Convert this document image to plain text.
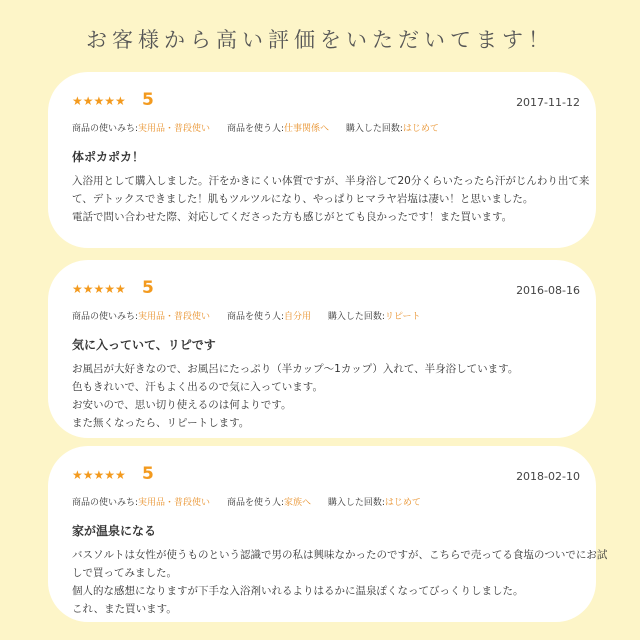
お客様から高い評価をいただいてます！
★★★★★ 5	2017-11-12
商品の使いみち:実用品・普段使い 商品を使う人:仕事関係へ 購入した回数:はじめて
体ポカポカ！
入浴用として購入しました。汗をかきにくい体質ですが、半身浴して20分くらいたったら汗がじんわり出て来
て、デトックスできました！肌もツルツルになり、やっぱりヒマラヤ岩塩は凄い！と思いました。
電話で問い合わせた際、対応してくださった方も感じがとても良かったです！また買います。
★★★★★ 5	2016-08-16
商品の使いみち:実用品・普段使い 商品を使う人:自分用 購入した回数:リピート
気に入っていて、リピです
お風呂が大好きなので、お風呂にたっぷり（半カップ～1カップ）入れて、半身浴しています。
色もきれいで、汗もよく出るので気に入っています。
お安いので、思い切り使えるのは何よりです。
また無くなったら、リピートします。
★★★★★ 5	2018-02-10
商品の使いみち:実用品・普段使い 商品を使う人:家族へ 購入した回数:はじめて
家が温泉になる
バスソルトは女性が使うものという認識で男の私は興味なかったのですが、こちらで売ってる食塩のついでにお試
しで買ってみました。
個人的な感想になりますが下手な入浴剤いれるよりはるかに温泉ぽくなってびっくりしました。
これ、また買います。
